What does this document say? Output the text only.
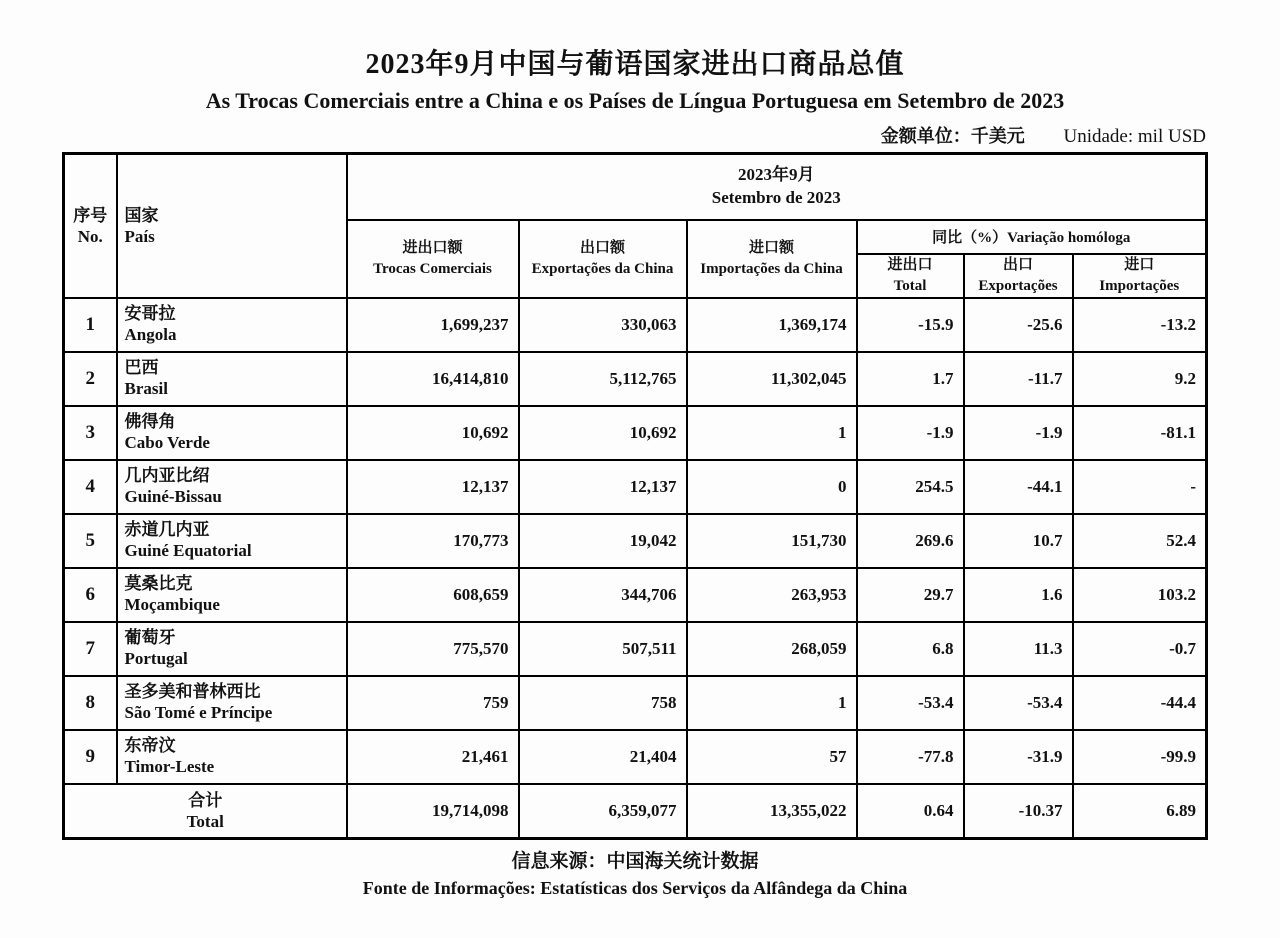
2023年9月中国与葡语国家进出口商品总值
As Trocas Comerciais entre a China e os Países de Língua Portuguesa em Setembro de 2023
金额单位：千美元 Unidade: mil USD
序号
No.

国家
País

2023年9月
Setembro de 2023

进出口额
Trocas Comerciais

出口额
Exportações da China

进口额
Importações da China
	同比（%）Variação homóloga

进出口
Total

出口
Exportações

进口
Importações

1	安哥拉
Angola	1,699,237	330,063	1,369,174	-15.9	-25.6	-13.2
2	巴西
Brasil	16,414,810	5,112,765	11,302,045	1.7	-11.7	9.2
3	佛得角
Cabo Verde	10,692	10,692	1	-1.9	-1.9	-81.1
4	几内亚比绍
Guiné-Bissau	12,137	12,137	0	254.5	-44.1	-
5	赤道几内亚
Guiné Equatorial	170,773	19,042	151,730	269.6	10.7	52.4
6	莫桑比克
Moçambique	608,659	344,706	263,953	29.7	1.6	103.2
7	葡萄牙
Portugal	775,570	507,511	268,059	6.8	11.3	-0.7
8	圣多美和普林西比
São Tomé e Príncipe	759	758	1	-53.4	-53.4	-44.4
9	东帝汶
Timor-Leste	21,461	21,404	57	-77.8	-31.9	-99.9

合计
Total		19,714,098	6,359,077	13,355,022	0.64	-10.37	6.89
信息来源：中国海关统计数据
Fonte de Informações: Estatísticas dos Serviços da Alfândega da China
